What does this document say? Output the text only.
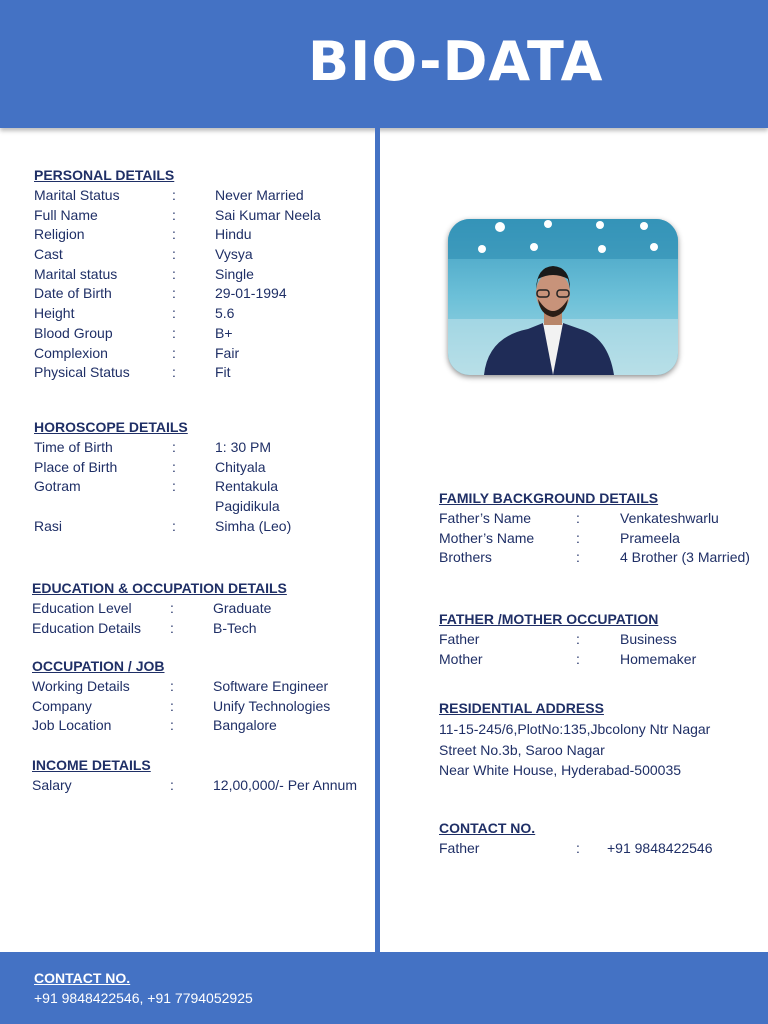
BIO-DATA
PERSONAL DETAILS
Marital Status	:	Never Married
Full Name	:	Sai Kumar Neela
Religion	:	Hindu
Cast	:	Vysya
Marital status	:	Single
Date of Birth	:	29-01-1994
Height	:	5.6
Blood Group	:	B+
Complexion	:	Fair
Physical Status	:	Fit
HOROSCOPE DETAILS
Time of Birth	:	1: 30 PM
Place of Birth	:	Chityala
Gotram	:	Rentakula
Pagidikula
Rasi	:	Simha (Leo)
EDUCATION & OCCUPATION DETAILS
Education Level	:	Graduate
Education Details :	B-Tech
OCCUPATION / JOB
Working Details	:	Software Engineer
Company	:	Unify Technologies
Job Location	:	Bangalore
INCOME DETAILS
Salary	:	12,00,000/- Per Annum
FAMILY BACKGROUND DETAILS
Father’s Name	:	Venkateshwarlu
Mother’s Name	:	Prameela
Brothers	:	4 Brother (3 Married)
FATHER /MOTHER OCCUPATION
Father	:	Business
Mother	:	Homemaker
RESIDENTIAL ADDRESS
11-15-245/6,PlotNo:135,Jbcolony Ntr Nagar
Street No.3b, Saroo Nagar
Near White House, Hyderabad-500035
CONTACT NO.
Father	: +91 9848422546
CONTACT NO.
+91 9848422546, +91 7794052925
